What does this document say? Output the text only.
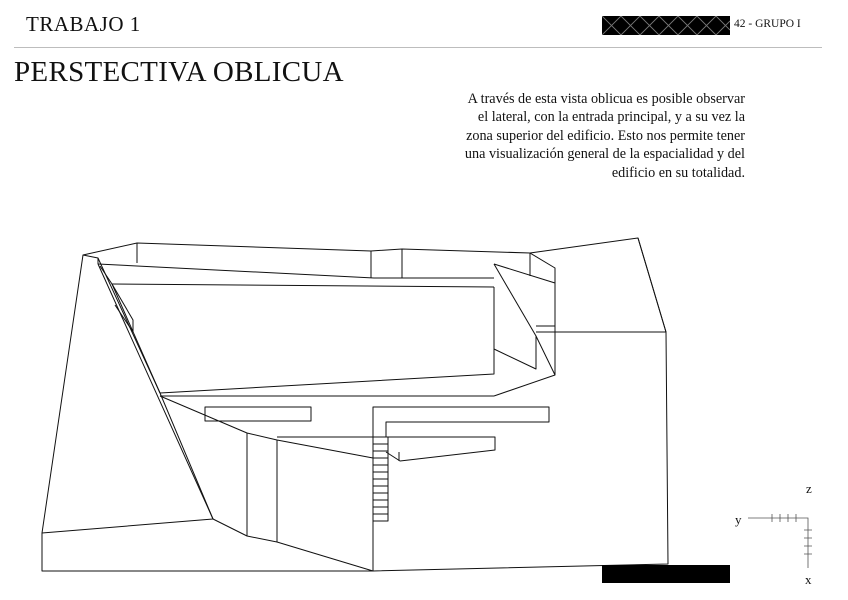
TRABAJO 1	42 - GRUPO I
PERSTECTIVA OBLICUA
A través de esta vista oblicua es posible observar el lateral, con la entrada principal, y a su vez la zona superior del edificio. Esto nos permite tener una visualización general de la espacialidad y del edificio en su totalidad.
z
y
x
